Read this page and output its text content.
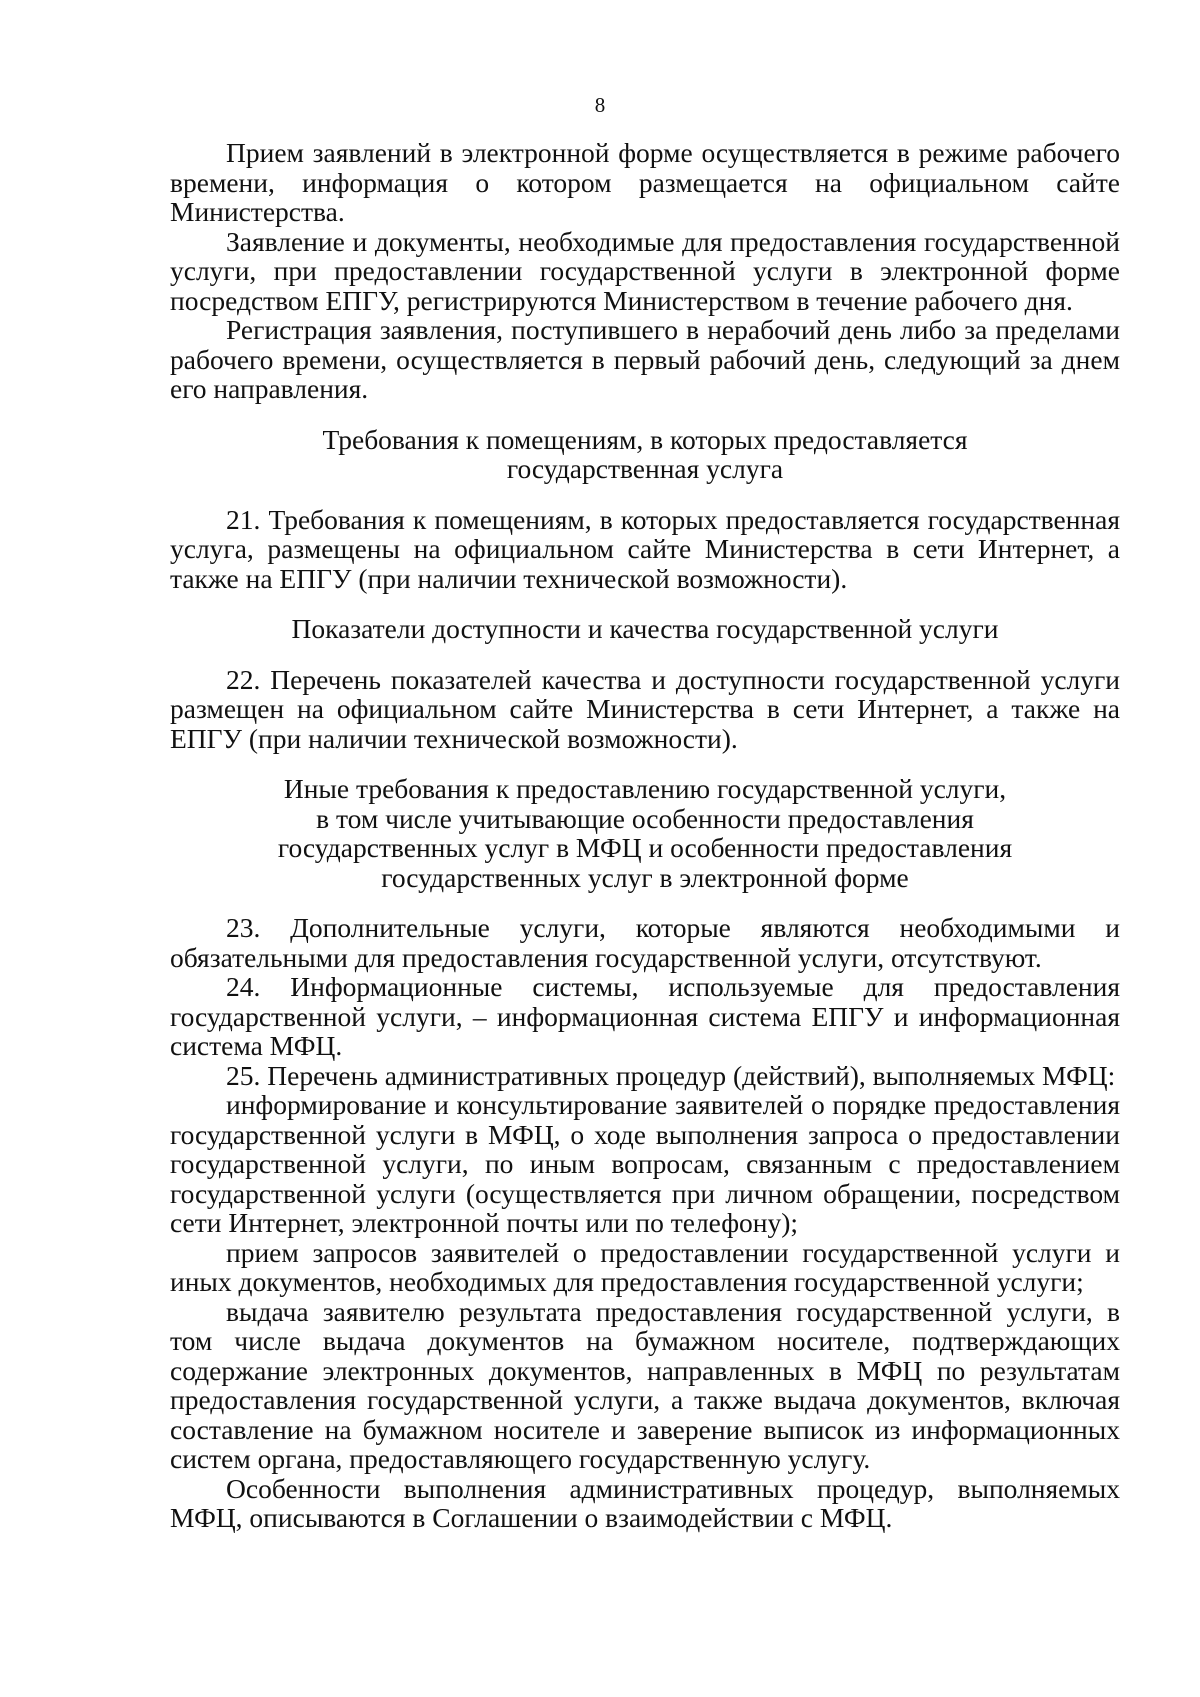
8

Прием заявлений в электронной форме осуществляется в режиме рабочего времени, информация о котором размещается на официальном сайте Министерства.

Заявление и документы, необходимые для предоставления государственной услуги, при предоставлении государственной услуги в электронной форме посредством ЕПГУ, регистрируются Министерством в течение рабочего дня.

Регистрация заявления, поступившего в нерабочий день либо за пределами рабочего времени, осуществляется в первый рабочий день, следующий за днем его направления.

Требования к помещениям, в которых предоставляется
государственная услуга

21. Требования к помещениям, в которых предоставляется государственная услуга, размещены на официальном сайте Министерства в сети Интернет, а также на ЕПГУ (при наличии технической возможности).

Показатели доступности и качества государственной услуги

22. Перечень показателей качества и доступности государственной услуги размещен на официальном сайте Министерства в сети Интернет, а также на ЕПГУ (при наличии технической возможности).

Иные требования к предоставлению государственной услуги,
в том числе учитывающие особенности предоставления
государственных услуг в МФЦ и особенности предоставления
государственных услуг в электронной форме

23. Дополнительные услуги, которые являются необходимыми и обязательными для предоставления государственной услуги, отсутствуют.

24. Информационные системы, используемые для предоставления государственной услуги, – информационная система ЕПГУ и информационная система МФЦ.

25. Перечень административных процедур (действий), выполняемых МФЦ:

информирование и консультирование заявителей о порядке предоставления государственной услуги в МФЦ, о ходе выполнения запроса о предоставлении государственной услуги, по иным вопросам, связанным с предоставлением государственной услуги (осуществляется при личном обращении, посредством сети Интернет, электронной почты или по телефону);

прием запросов заявителей о предоставлении государственной услуги и иных документов, необходимых для предоставления государственной услуги;

выдача заявителю результата предоставления государственной услуги, в том числе выдача документов на бумажном носителе, подтверждающих содержание электронных документов, направленных в МФЦ по результатам предоставления государственной услуги, а также выдача документов, включая составление на бумажном носителе и заверение выписок из информационных систем органа, предоставляющего государственную услугу.

Особенности выполнения административных процедур, выполняемых МФЦ, описываются в Соглашении о взаимодействии с МФЦ.
